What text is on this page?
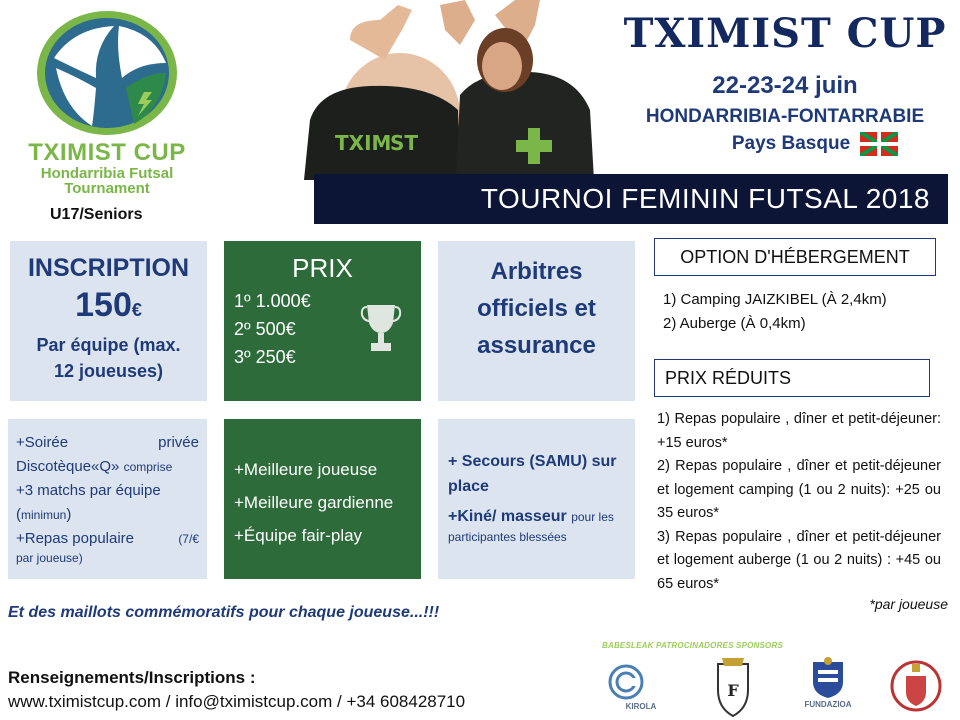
TXIMIST CUP
Hondarribia Futsal
Tournament
U17/Seniors
TXIM
ST
TXIMIST CUP
22-23-24 juin
HONDARRIBIA-FONTARRABIE
Pays Basque
TOURNOI FEMININ FUTSAL 2018
INSCRIPTION
150€
Par équipe (max.
12 joueuses)
PRIX
1º 1.000€
2º 500€
3º 250€
Arbitres
officiels et
assurance
+Soirée	privée
Discotèque«Q» comprise
+3 matchs par équipe
(minimun)
+Repas populaire	(7/€
par joueuse)
+Meilleure joueuse
+Meilleure gardienne
+Équipe fair-play
+ Secours (SAMU) sur place
+Kiné/ masseur pour les participantes blessées
OPTION D'HÉBERGEMENT
1) Camping JAIZKIBEL (À 2,4km)
2) Auberge (À 0,4km)
PRIX RÉDUITS

1) Repas populaire , dîner et petit-déjeuner: +15 euros*

2) Repas populaire , dîner et petit-déjeuner et logement camping (1 ou 2 nuits): +25 ou 35 euros*

3) Repas populaire , dîner et petit-déjeuner et logement auberge (1 ou 2 nuits) : +45 ou 65 euros*

*par joueuse
Et des maillots commémoratifs pour chaque joueuse...!!!
Renseignements/Inscriptions :
www.tximistcup.com / info@tximistcup.com / +34 608428710
BABESLEAK PATROCINADORES SPONSORS
KIROLA
F
FUNDAZIOA
